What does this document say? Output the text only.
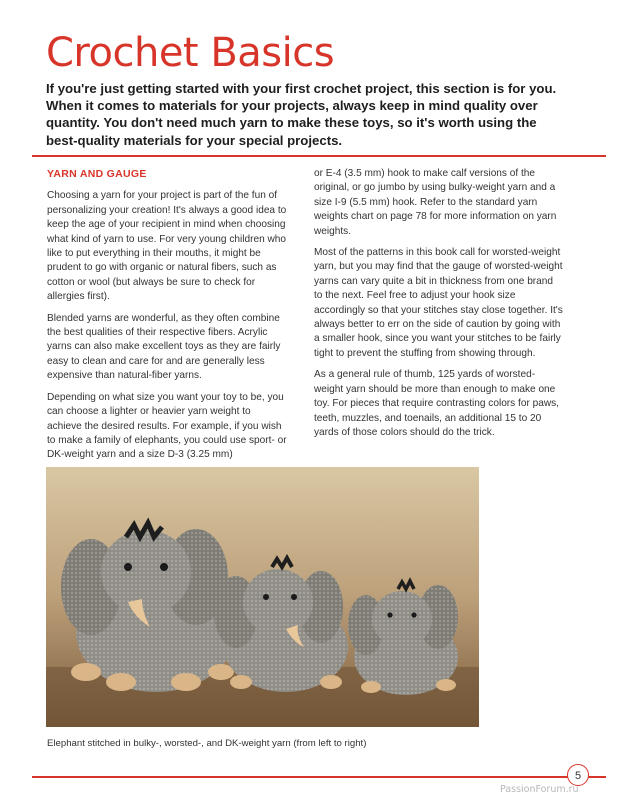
Crochet Basics

If you're just getting started with your first crochet project, this section is for you. When it comes to materials for your projects, always keep in mind quality over quantity. You don't need much yarn to make these toys, so it's worth using the best-quality materials for your special projects.

YARN AND GAUGE

Choosing a yarn for your project is part of the fun of personalizing your creation! It's always a good idea to keep the age of your recipient in mind when choosing what kind of yarn to use. For very young children who like to put everything in their mouths, it might be prudent to go with organic or natural fibers, such as cotton or wool (but always be sure to check for allergies first).

Blended yarns are wonderful, as they often combine the best qualities of their respective fibers. Acrylic yarns can also make excellent toys as they are fairly easy to clean and care for and are generally less expensive than natural-fiber yarns.

Depending on what size you want your toy to be, you can choose a lighter or heavier yarn weight to achieve the desired results. For example, if you wish to make a family of elephants, you could use sport- or DK-weight yarn and a size D-3 (3.25 mm)

or E-4 (3.5 mm) hook to make calf versions of the original, or go jumbo by using bulky-weight yarn and a size I-9 (5.5 mm) hook. Refer to the standard yarn weights chart on page 78 for more information on yarn weights.

Most of the patterns in this book call for worsted-weight yarn, but you may find that the gauge of worsted-weight yarns can vary quite a bit in thickness from one brand to the next. Feel free to adjust your hook size accordingly so that your stitches stay close together. It's always better to err on the side of caution by going with a smaller hook, since you want your stitches to be fairly tight to prevent the stuffing from showing through.

As a general rule of thumb, 125 yards of worsted-weight yarn should be more than enough to make one toy. For pieces that require contrasting colors for paws, teeth, muzzles, and toenails, an additional 15 to 20 yards of those colors should do the trick.

Elephant stitched in bulky-, worsted-, and DK-weight yarn (from left to right)
5
PassionForum.ru
